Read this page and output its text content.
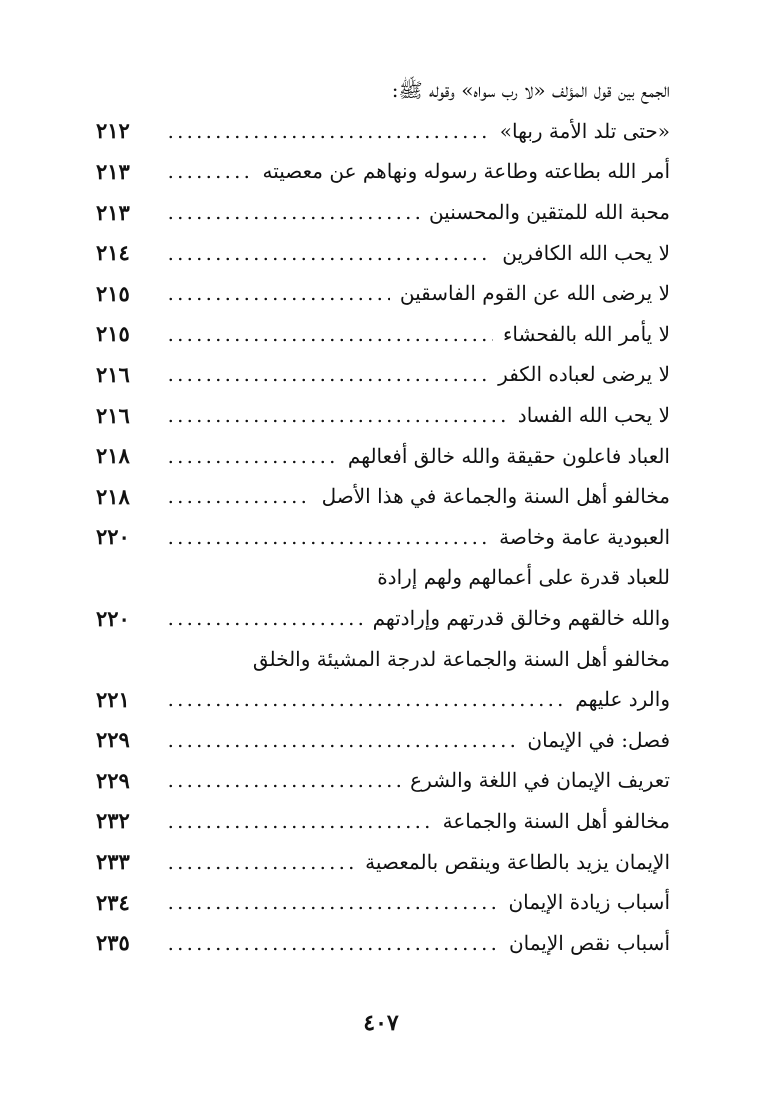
الجمع بين قول المؤلف «لا رب سواه» وقوله ﷺ:
«حتى تلد الأمة ربها»
٢١٢
أمر الله بطاعته وطاعة رسوله ونهاهم عن معصيته
٢١٣
محبة الله للمتقين والمحسنين
٢١٣
لا يحب الله الكافرين
٢١٤
لا يرضى الله عن القوم الفاسقين
٢١٥
لا يأمر الله بالفحشاء
٢١٥
لا يرضى لعباده الكفر
٢١٦
لا يحب الله الفساد
٢١٦
العباد فاعلون حقيقة والله خالق أفعالهم
٢١٨
مخالفو أهل السنة والجماعة في هذا الأصل
٢١٨
العبودية عامة وخاصة
٢٢٠
للعباد قدرة على أعمالهم ولهم إرادة
والله خالقهم وخالق قدرتهم وإرادتهم
٢٢٠
مخالفو أهل السنة والجماعة لدرجة المشيئة والخلق
والرد عليهم
٢٢١
فصل: في الإيمان
٢٢٩
تعريف الإيمان في اللغة والشرع
٢٢٩
مخالفو أهل السنة والجماعة
٢٣٢
الإيمان يزيد بالطاعة وينقص بالمعصية
٢٣٣
أسباب زيادة الإيمان
٢٣٤
أسباب نقص الإيمان
٢٣٥
٤٠٧
